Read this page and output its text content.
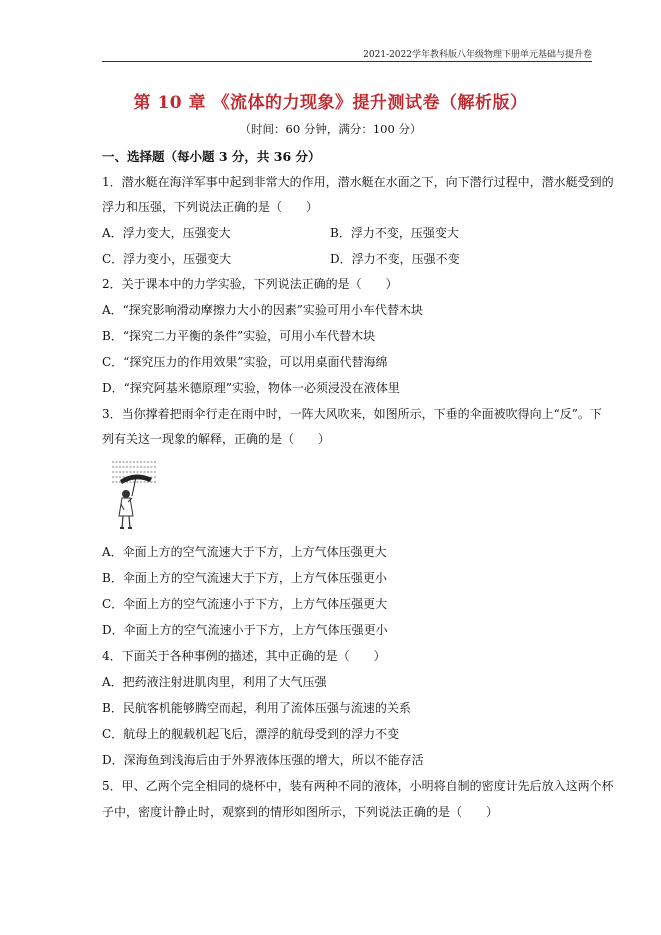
2021-2022学年教科版八年级物理下册单元基础与提升卷
第 10 章 《流体的力现象》提升测试卷（解析版）
（时间：60 分钟，满分：100 分）
一、选择题（每小题 3 分，共 36 分）
1．潜水艇在海洋军事中起到非常大的作用，潜水艇在水面之下，向下潜行过程中，潜水艇受到的
浮力和压强，下列说法正确的是（　　）
A．浮力变大，压强变大	B．浮力不变，压强变大
C．浮力变小，压强变大	D．浮力不变，压强不变
2．关于课本中的力学实验，下列说法正确的是（　　）
A．“探究影响滑动摩擦力大小的因素”实验可用小车代替木块
B．“探究二力平衡的条件”实验，可用小车代替木块
C．“探究压力的作用效果”实验，可以用桌面代替海绵
D．“探究阿基米德原理”实验，物体一必须浸没在液体里
3．当你撑着把雨伞行走在雨中时，一阵大风吹来，如图所示，下垂的伞面被吹得向上“反”。下
列有关这一现象的解释，正确的是（　　）
A．伞面上方的空气流速大于下方，上方气体压强更大
B．伞面上方的空气流速大于下方，上方气体压强更小
C．伞面上方的空气流速小于下方，上方气体压强更大
D．伞面上方的空气流速小于下方，上方气体压强更小
4．下面关于各种事例的描述，其中正确的是（　　）
A．把药液注射进肌肉里，利用了大气压强
B．民航客机能够腾空而起，利用了流体压强与流速的关系
C．航母上的舰载机起飞后，漂浮的航母受到的浮力不变
D．深海鱼到浅海后由于外界液体压强的增大，所以不能存活
5．甲、乙两个完全相同的烧杯中，装有两种不同的液体，小明将自制的密度计先后放入这两个杯
子中，密度计静止时，观察到的情形如图所示，下列说法正确的是（　　）
